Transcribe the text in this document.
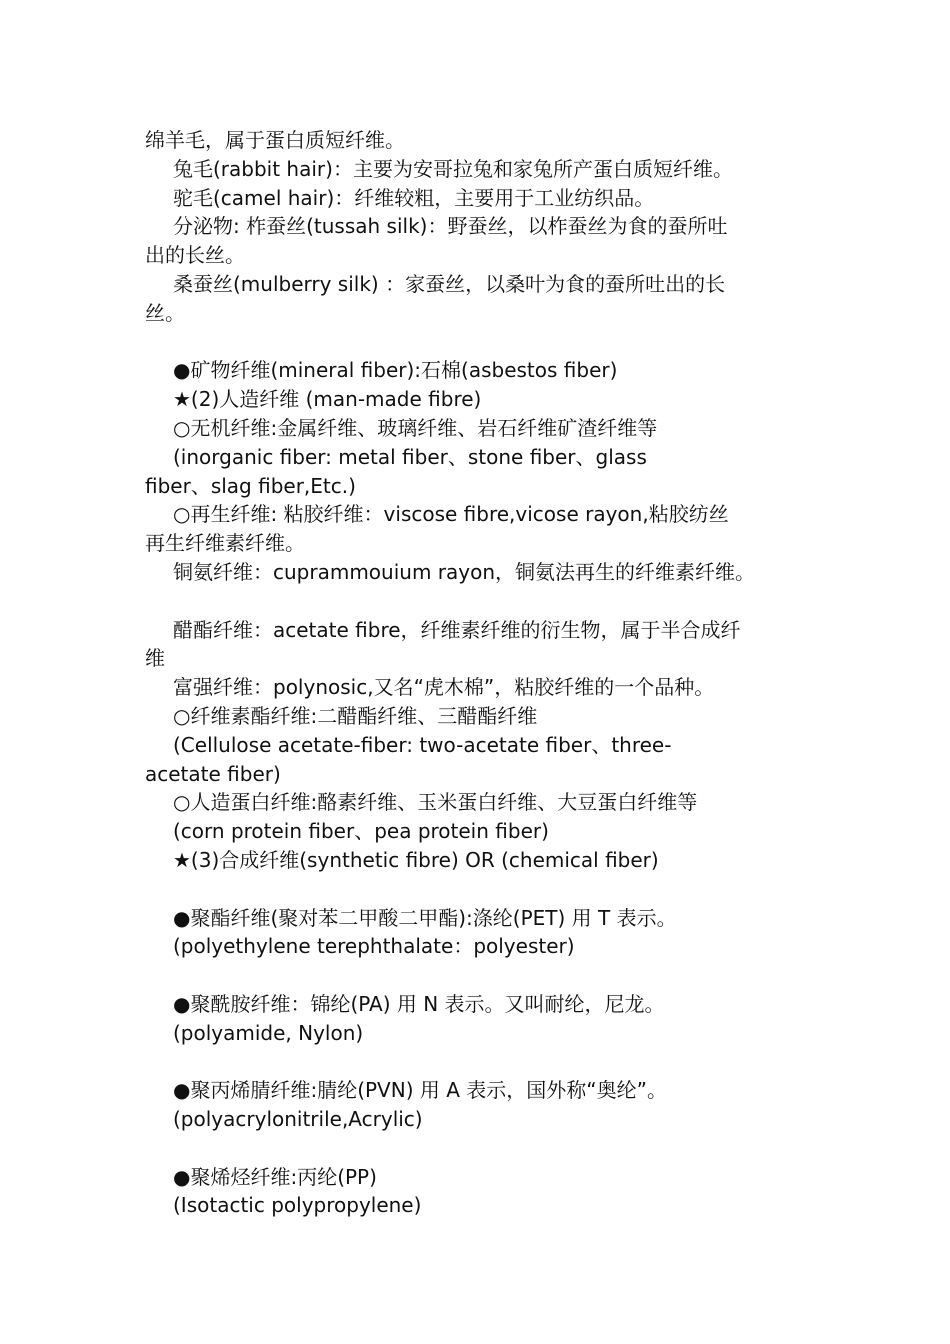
绵羊毛，属于蛋白质短纤维。
兔毛(rabbit hair)：主要为安哥拉兔和家兔所产蛋白质短纤维。
驼毛(camel hair)：纤维较粗，主要用于工业纺织品。
分泌物: 柞蚕丝(tussah silk)：野蚕丝，以柞蚕丝为食的蚕所吐
出的长丝。
桑蚕丝(mulberry silk) ：家蚕丝，以桑叶为食的蚕所吐出的长
丝。
●矿物纤维(mineral fiber):石棉(asbestos fiber)
★(2)人造纤维 (man-made fibre)
○无机纤维:金属纤维、玻璃纤维、岩石纤维矿渣纤维等
(inorganic fiber: metal fiber、stone fiber、glass
fiber、slag fiber,Etc.)
○再生纤维: 粘胶纤维：viscose fibre,vicose rayon,粘胶纺丝
再生纤维素纤维。
铜氨纤维：cuprammouium rayon，铜氨法再生的纤维素纤维。
醋酯纤维：acetate fibre，纤维素纤维的衍生物，属于半合成纤
维
富强纤维：polynosic,又名“虎木棉”，粘胶纤维的一个品种。
○纤维素酯纤维:二醋酯纤维、三醋酯纤维
(Cellulose acetate-fiber: two-acetate fiber、three-
acetate fiber)
○人造蛋白纤维:酪素纤维、玉米蛋白纤维、大豆蛋白纤维等
(corn protein fiber、pea protein fiber)
★(3)合成纤维(synthetic fibre) OR (chemical fiber)
●聚酯纤维(聚对苯二甲酸二甲酯):涤纶(PET) 用 T 表示。
(polyethylene terephthalate：polyester)
●聚酰胺纤维：锦纶(PA) 用 N 表示。又叫耐纶，尼龙。
(polyamide, Nylon)
●聚丙烯腈纤维:腈纶(PVN) 用 A 表示，国外称“奥纶”。
(polyacrylonitrile,Acrylic)
●聚烯烃纤维:丙纶(PP)
(Isotactic polypropylene)
